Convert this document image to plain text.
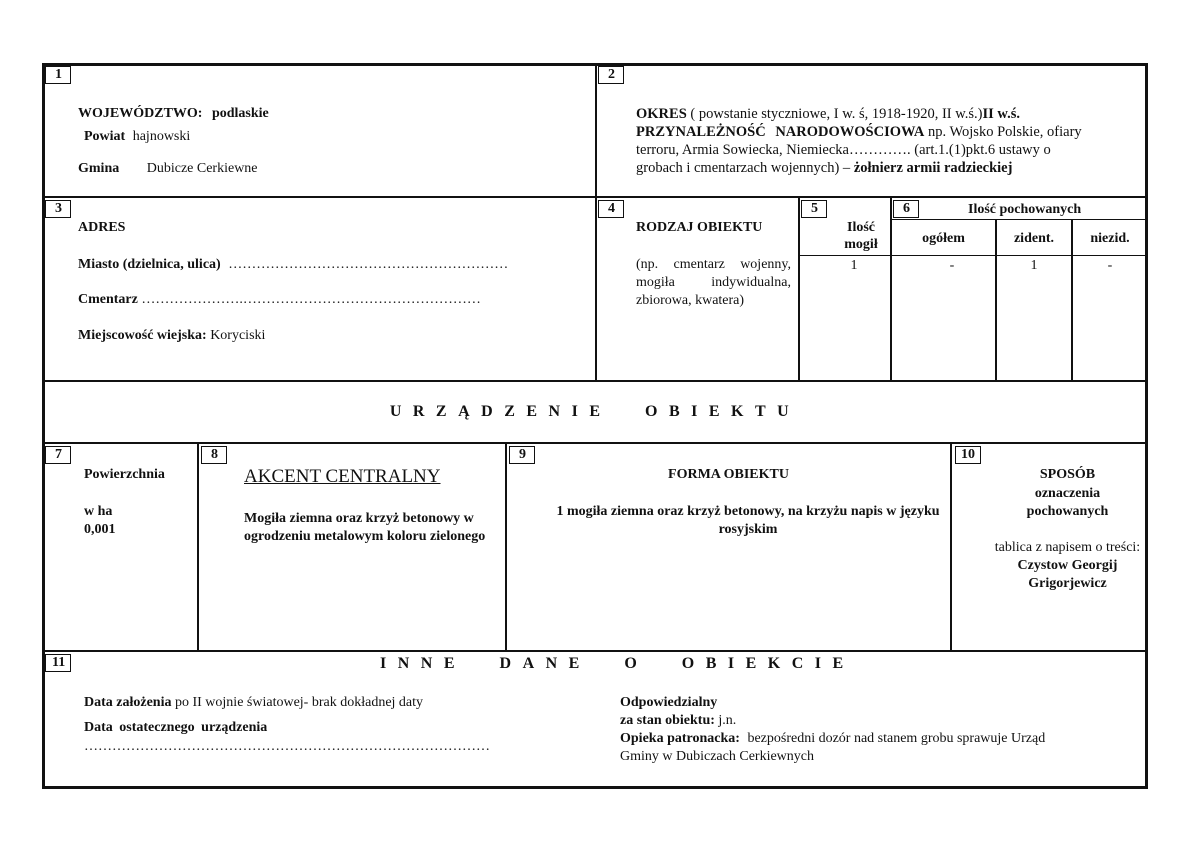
1
WOJEWÓDZTWO: podlaskie
Powiat hajnowski
Gmina Dubicze Cerkiewne
2
OKRES ( powstanie styczniowe, I w. ś, 1918-1920, II w.ś.)II w.ś.
PRZYNALEŻNOŚĆ NARODOWOŚCIOWA np. Wojsko Polskie, ofiary
terroru, Armia Sowiecka, Niemiecka…………. (art.1.(1)pkt.6 ustawy o
grobach i cmentarzach wojennych) – żołnierz armii radzieckiej
3
ADRES
Miasto (dzielnica, ulica) ……………………………………………………
Cmentarz ………………….……………………………………………
Miejscowość wiejska: Koryciski
4
RODZAJ OBIEKTU
(np. cmentarz wojenny, mogiła indywidualna, zbiorowa, kwatera)
5
Ilość
mogił
1
6	Ilość pochowanych
ogółem	zident.	niezid.
-	1	-
URZĄDZENIE OBIEKTU
7
Powierzchnia
w ha
0,001
8
AKCENT CENTRALNY
Mogiła ziemna oraz krzyż betonowy w ogrodzeniu metalowym koloru zielonego
9
FORMA OBIEKTU
1 mogiła ziemna oraz krzyż betonowy, na krzyżu napis w języku rosyjskim
10
SPOSÓB
oznaczenia pochowanych
tablica z napisem o treści: Czystow Georgij Grigorjewicz
11	INNE DANE O OBIEKCIE
Data założenia po II wojnie światowej- brak dokładnej daty
Data ostatecznego urządzenia
……………………………………………………………………………
Odpowiedzialny
za stan obiektu: j.n.
Opieka patronacka: bezpośredni dozór nad stanem grobu sprawuje Urząd
Gminy w Dubiczach Cerkiewnych
